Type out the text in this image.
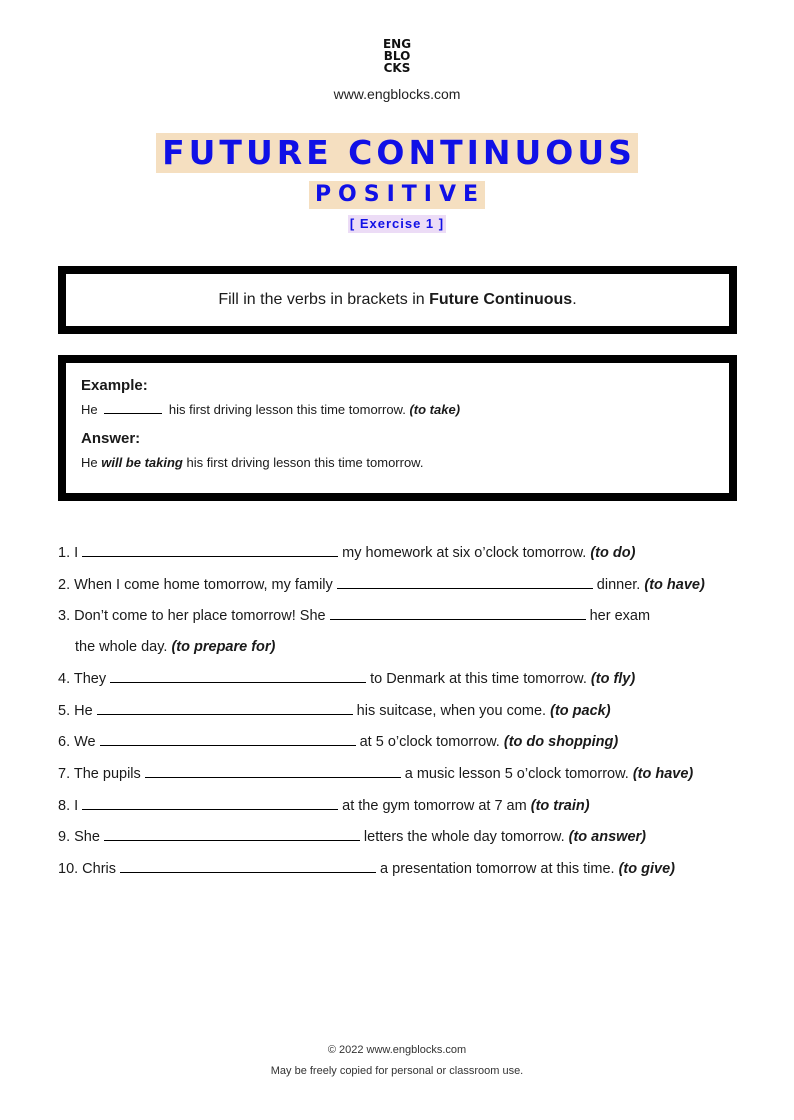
ENG
BLO
CKS
www.engblocks.com
FUTURE CONTINUOUS
POSITIVE
[ Exercise 1 ]
Fill in the verbs in brackets in Future Continuous.
Example:
He	his first driving lesson this time tomorrow. (to take)
Answer:
He will be taking his first driving lesson this time tomorrow.
1. I	my homework at six o’clock tomorrow. (to do)
2. When I come home tomorrow, my family	dinner. (to have)
3. Don’t come to her place tomorrow! She	her exam
the whole day. (to prepare for)
4. They	to Denmark at this time tomorrow. (to fly)
5. He	his suitcase, when you come. (to pack)
6. We	at 5 o’clock tomorrow. (to do shopping)
7. The pupils	a music lesson 5 o’clock tomorrow. (to have)
8. I	at the gym tomorrow at 7 am (to train)
9. She	letters the whole day tomorrow. (to answer)
10. Chris	a presentation tomorrow at this time. (to give)
© 2022 www.engblocks.com
May be freely copied for personal or classroom use.
